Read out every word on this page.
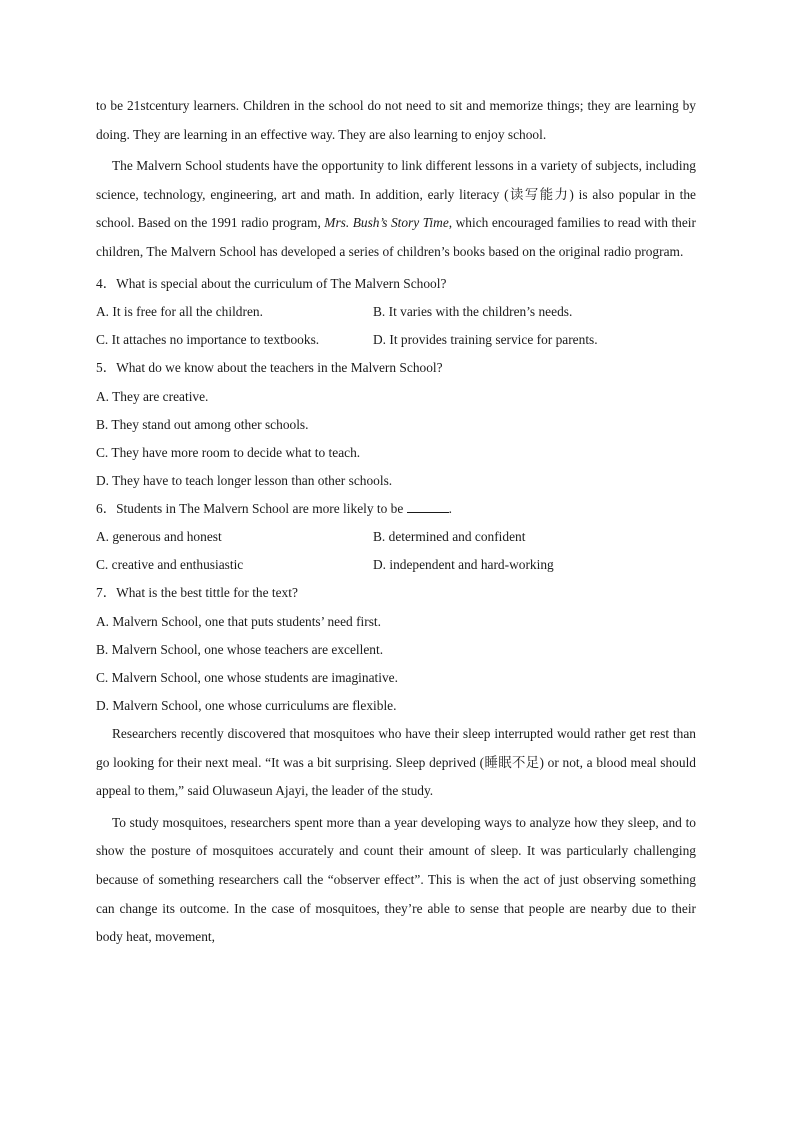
to be 21stcentury learners. Children in the school do not need to sit and memorize things; they are learning by doing. They are learning in an effective way. They are also learning to enjoy school.

The Malvern School students have the opportunity to link different lessons in a variety of subjects, including science, technology, engineering, art and math. In addition, early literacy (读写能力) is also popular in the school. Based on the 1991 radio program, Mrs. Bush’s Story Time, which encouraged families to read with their children, The Malvern School has developed a series of children’s books based on the original radio program.

4．What is special about the curriculum of The Malvern School?

A. It is free for all the children.	B. It varies with the children’s needs.

C. It attaches no importance to textbooks.	D. It provides training service for parents.

5．What do we know about the teachers in the Malvern School?

A. They are creative.

B. They stand out among other schools.

C. They have more room to decide what to teach.

D. They have to teach longer lesson than other schools.

6．Students in The Malvern School are more likely to be	.

A. generous and honest	B. determined and confident

C. creative and enthusiastic	D. independent and hard-working

7．What is the best tittle for the text?

A. Malvern School, one that puts students’ need first.

B. Malvern School, one whose teachers are excellent.

C. Malvern School, one whose students are imaginative.

D. Malvern School, one whose curriculums are flexible.

Researchers recently discovered that mosquitoes who have their sleep interrupted would rather get rest than go looking for their next meal. “It was a bit surprising. Sleep deprived (睡眠不足) or not, a blood meal should appeal to them,” said Oluwaseun Ajayi, the leader of the study.

To study mosquitoes, researchers spent more than a year developing ways to analyze how they sleep, and to show the posture of mosquitoes accurately and count their amount of sleep. It was particularly challenging because of something researchers call the “observer effect”. This is when the act of just observing something can change its outcome. In the case of mosquitoes, they’re able to sense that people are nearby due to their body heat, movement,
